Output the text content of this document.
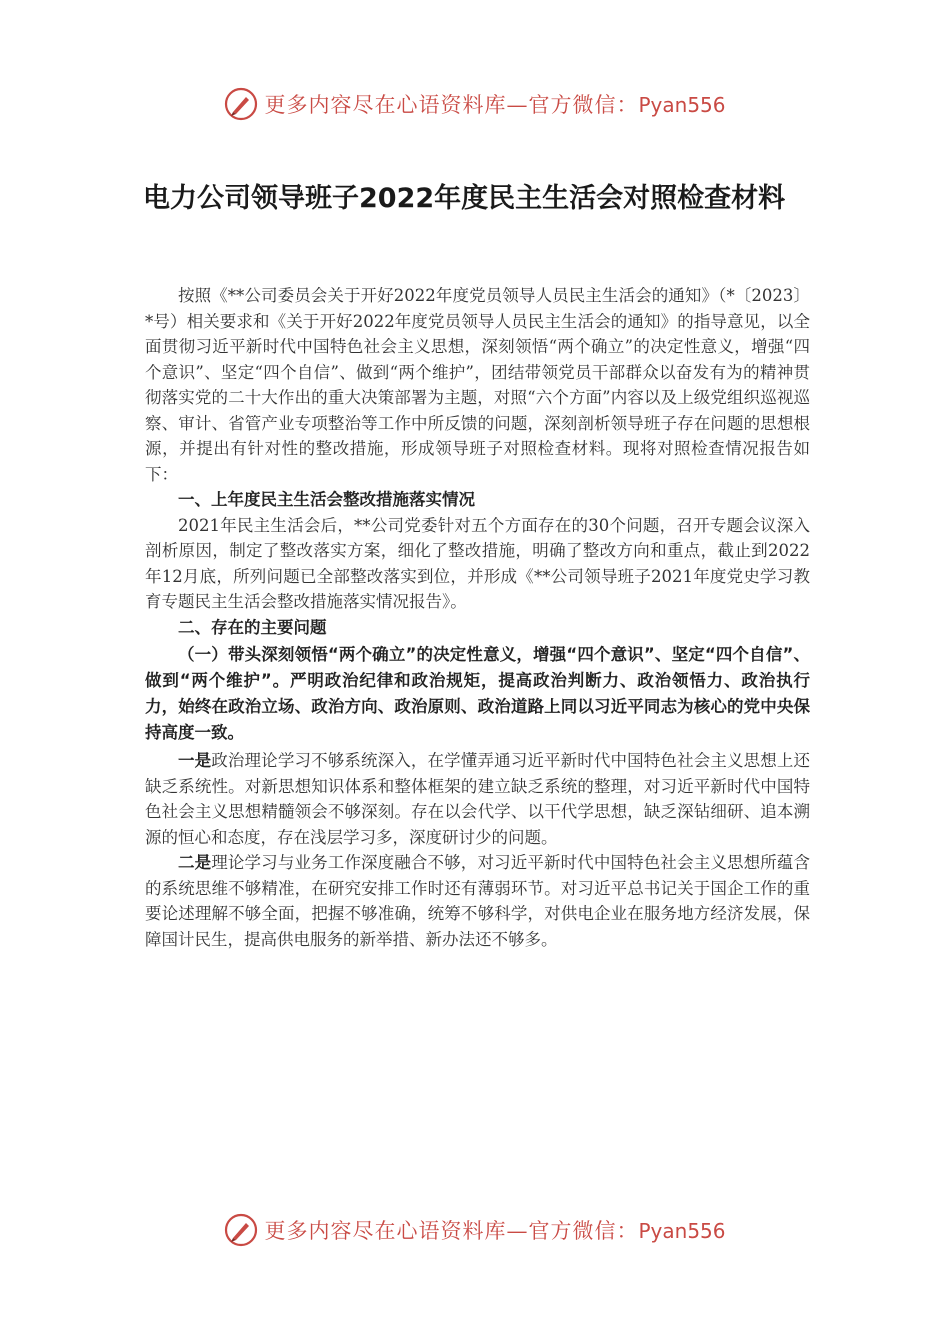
更多内容尽在心语资料库—官方微信：Pyan556
电力公司领导班子2022年度民主生活会对照检查材料

按照《**公司委员会关于开好2022年度党员领导人员民主生活会的通知》（*〔2023〕*号）相关要求和《关于开好2022年度党员领导人员民主生活会的通知》的指导意见，以全面贯彻习近平新时代中国特色社会主义思想，深刻领悟“两个确立”的决定性意义，增强“四个意识”、坚定“四个自信”、做到“两个维护”，团结带领党员干部群众以奋发有为的精神贯彻落实党的二十大作出的重大决策部署为主题，对照“六个方面”内容以及上级党组织巡视巡察、审计、省管产业专项整治等工作中所反馈的问题，深刻剖析领导班子存在问题的思想根源，并提出有针对性的整改措施，形成领导班子对照检查材料。现将对照检查情况报告如下：

一、上年度民主生活会整改措施落实情况

2021年民主生活会后，**公司党委针对五个方面存在的30个问题，召开专题会议深入剖析原因，制定了整改落实方案，细化了整改措施，明确了整改方向和重点，截止到2022年12月底，所列问题已全部整改落实到位，并形成《**公司领导班子2021年度党史学习教育专题民主生活会整改措施落实情况报告》。

二、存在的主要问题

（一）带头深刻领悟“两个确立”的决定性意义，增强“四个意识”、坚定“四个自信”、做到“两个维护”。严明政治纪律和政治规矩，提高政治判断力、政治领悟力、政治执行力，始终在政治立场、政治方向、政治原则、政治道路上同以习近平同志为核心的党中央保持高度一致。

一是政治理论学习不够系统深入，在学懂弄通习近平新时代中国特色社会主义思想上还缺乏系统性。对新思想知识体系和整体框架的建立缺乏系统的整理，对习近平新时代中国特色社会主义思想精髓领会不够深刻。存在以会代学、以干代学思想，缺乏深钻细研、追本溯源的恒心和态度，存在浅层学习多，深度研讨少的问题。

二是理论学习与业务工作深度融合不够，对习近平新时代中国特色社会主义思想所蕴含的系统思维不够精准，在研究安排工作时还有薄弱环节。对习近平总书记关于国企工作的重要论述理解不够全面，把握不够准确，统筹不够科学，对供电企业在服务地方经济发展，保障国计民生，提高供电服务的新举措、新办法还不够多。

更多内容尽在心语资料库—官方微信：Pyan556
